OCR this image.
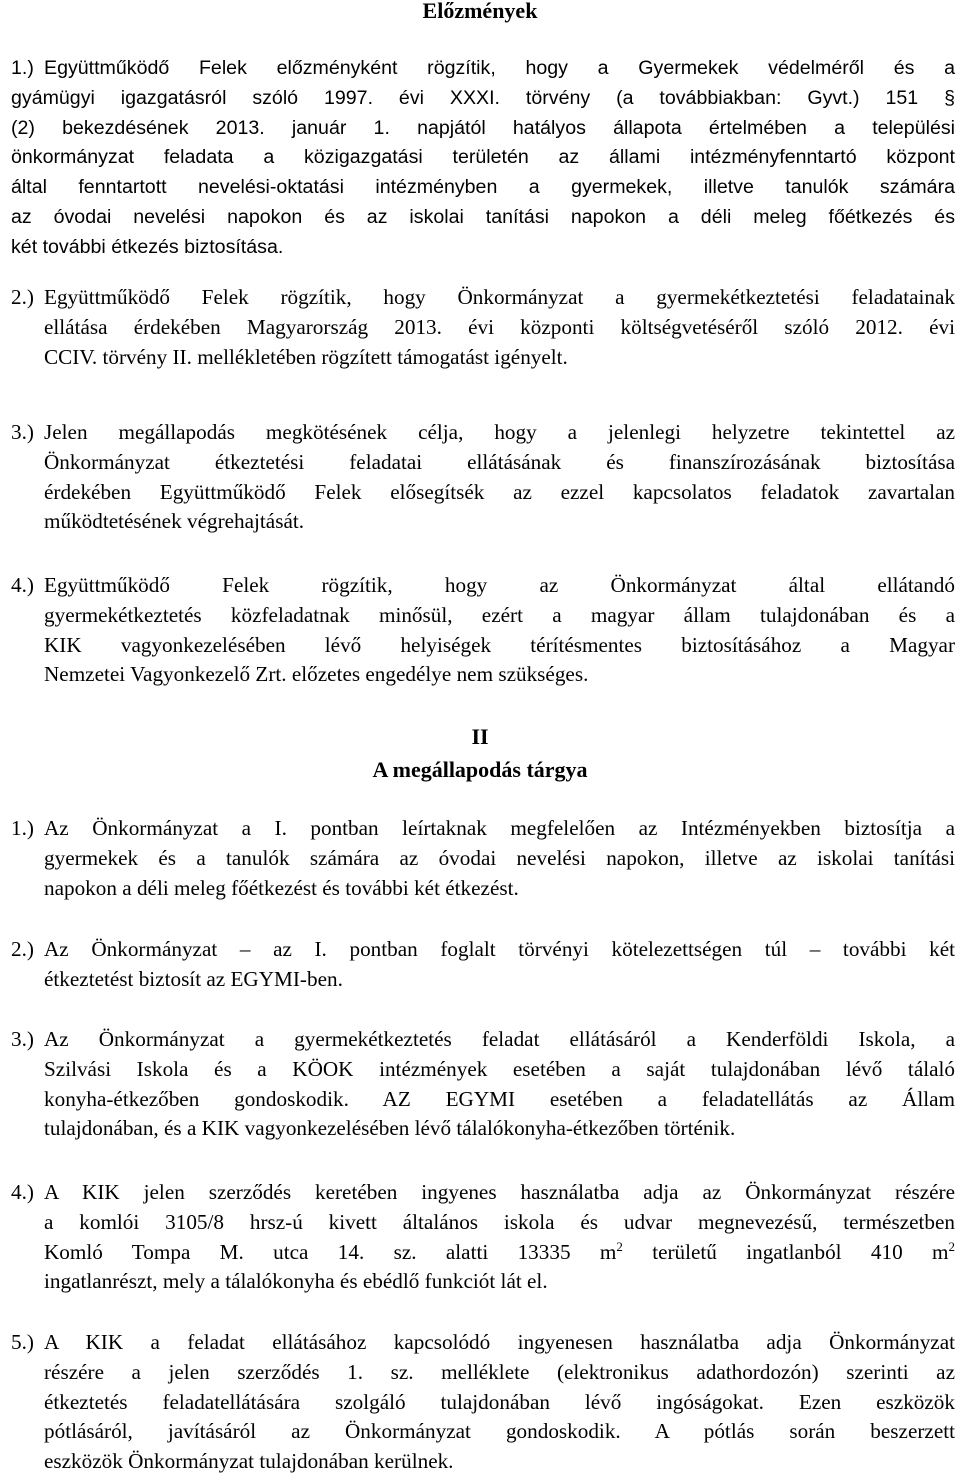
Előzmények
1.) Együttműködő Felek előzményként rögzítik, hogy a Gyermekek védelméről és a
gyámügyi igazgatásról szóló 1997. évi XXXI. törvény (a továbbiakban: Gyvt.) 151 §
(2) bekezdésének 2013. január 1. napjától hatályos állapota értelmében a települési
önkormányzat feladata a közigazgatási területén az állami intézményfenntartó központ
által fenntartott nevelési-oktatási intézményben a gyermekek, illetve tanulók számára
az óvodai nevelési napokon és az iskolai tanítási napokon a déli meleg főétkezés és
két további étkezés biztosítása.
2.) Együttműködő Felek rögzítik, hogy Önkormányzat a gyermekétkeztetési feladatainak
ellátása érdekében Magyarország 2013. évi központi költségvetéséről szóló 2012. évi
CCIV. törvény II. mellékletében rögzített támogatást igényelt.
3.) Jelen megállapodás megkötésének célja, hogy a jelenlegi helyzetre tekintettel az
Önkormányzat étkeztetési feladatai ellátásának és finanszírozásának biztosítása
érdekében Együttműködő Felek elősegítsék az ezzel kapcsolatos feladatok zavartalan
működtetésének végrehajtását.
4.) Együttműködő Felek rögzítik, hogy az Önkormányzat által ellátandó
gyermekétkeztetés közfeladatnak minősül, ezért a magyar állam tulajdonában és a
KIK vagyonkezelésében lévő helyiségek térítésmentes biztosításához a Magyar
Nemzetei Vagyonkezelő Zrt. előzetes engedélye nem szükséges.
II
A megállapodás tárgya
1.) Az Önkormányzat a I. pontban leírtaknak megfelelően az Intézményekben biztosítja a
gyermekek és a tanulók számára az óvodai nevelési napokon, illetve az iskolai tanítási
napokon a déli meleg főétkezést és további két étkezést.
2.) Az Önkormányzat – az I. pontban foglalt törvényi kötelezettségen túl – további két
étkeztetést biztosít az EGYMI-ben.
3.) Az Önkormányzat a gyermekétkeztetés feladat ellátásáról a Kenderföldi Iskola, a
Szilvási Iskola és a KÖOK intézmények esetében a saját tulajdonában lévő tálaló
konyha-étkezőben gondoskodik. AZ EGYMI esetében a feladatellátás az Állam
tulajdonában, és a KIK vagyonkezelésében lévő tálalókonyha-étkezőben történik.
4.) A KIK jelen szerződés keretében ingyenes használatba adja az Önkormányzat részére
a komlói 3105/8 hrsz-ú kivett általános iskola és udvar megnevezésű, természetben
Komló Tompa M. utca 14. sz. alatti 13335 $m^2$ területű ingatlanból 410 $m^2$
ingatlanrészt, mely a tálalókonyha és ebédlő funkciót lát el.
5.) A KIK a feladat ellátásához kapcsolódó ingyenesen használatba adja Önkormányzat
részére a jelen szerződés 1. sz. melléklete (elektronikus adathordozón) szerinti az
étkeztetés feladatellátására szolgáló tulajdonában lévő ingóságokat. Ezen eszközök
pótlásáról, javításáról az Önkormányzat gondoskodik. A pótlás során beszerzett
eszközök Önkormányzat tulajdonában kerülnek.
